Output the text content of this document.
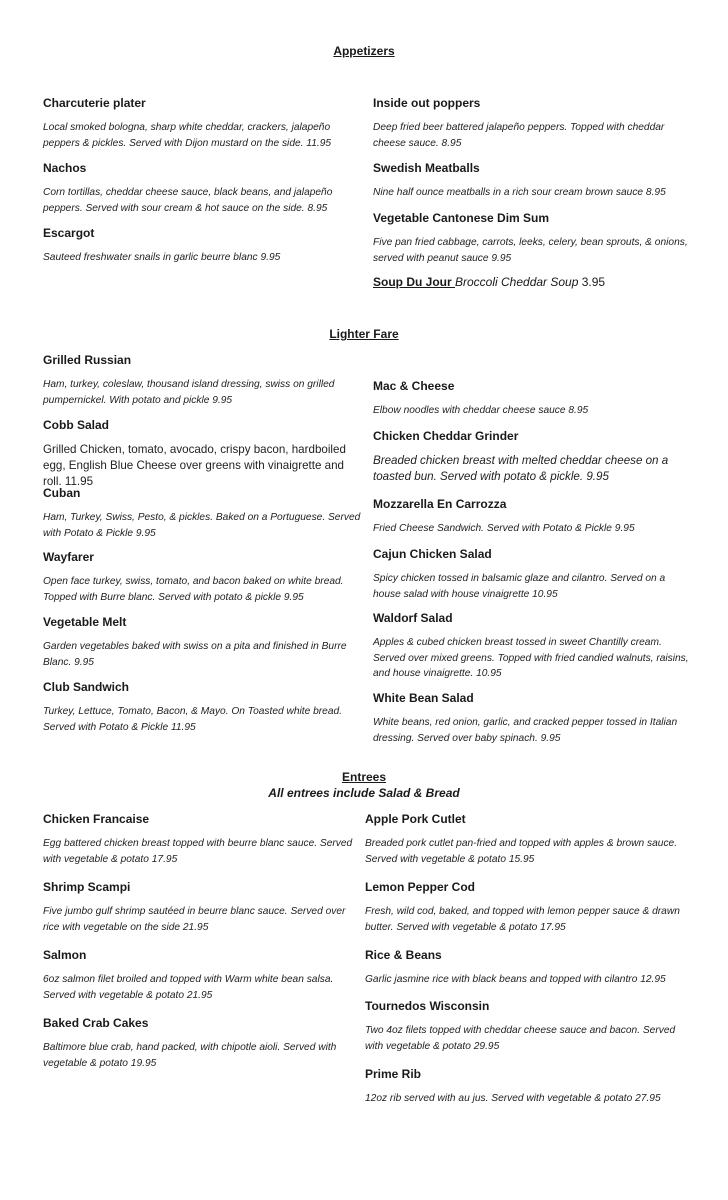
Appetizers
Charcuterie plater
Local smoked bologna, sharp white cheddar, crackers, jalapeño peppers & pickles. Served with Dijon mustard on the side. 11.95
Nachos
Corn tortillas, cheddar cheese sauce, black beans, and jalapeño peppers. Served with sour cream & hot sauce on the side. 8.95
Escargot
Sauteed freshwater snails in garlic beurre blanc 9.95
Inside out poppers
Deep fried beer battered jalapeño peppers. Topped with cheddar cheese sauce. 8.95
Swedish Meatballs
Nine half ounce meatballs in a rich sour cream brown sauce 8.95
Vegetable Cantonese Dim Sum
Five pan fried cabbage, carrots, leeks, celery, bean sprouts, & onions, served with peanut sauce 9.95
Soup Du Jour Broccoli Cheddar Soup 3.95
Lighter Fare
Grilled Russian
Ham, turkey, coleslaw, thousand island dressing, swiss on grilled pumpernickel. With potato and pickle 9.95
Cobb Salad
Grilled Chicken, tomato, avocado, crispy bacon, hardboiled egg, English Blue Cheese over greens with vinaigrette and roll. 11.95
Cuban
Ham, Turkey, Swiss, Pesto, & pickles. Baked on a Portuguese. Served with Potato & Pickle 9.95
Wayfarer
Open face turkey, swiss, tomato, and bacon baked on white bread. Topped with Burre blanc. Served with potato & pickle 9.95
Vegetable Melt
Garden vegetables baked with swiss on a pita and finished in Burre Blanc. 9.95
Club Sandwich
Turkey, Lettuce, Tomato, Bacon, & Mayo. On Toasted white bread. Served with Potato & Pickle 11.95
Mac & Cheese
Elbow noodles with cheddar cheese sauce 8.95
Chicken Cheddar Grinder
Breaded chicken breast with melted cheddar cheese on a toasted bun. Served with potato & pickle. 9.95
Mozzarella En Carrozza
Fried Cheese Sandwich. Served with Potato & Pickle 9.95
Cajun Chicken Salad
Spicy chicken tossed in balsamic glaze and cilantro. Served on a house salad with house vinaigrette 10.95
Waldorf Salad
Apples & cubed chicken breast tossed in sweet Chantilly cream. Served over mixed greens. Topped with fried candied walnuts, raisins, and house vinaigrette. 10.95
White Bean Salad
White beans, red onion, garlic, and cracked pepper tossed in Italian dressing. Served over baby spinach. 9.95
Entrees
All entrees include Salad & Bread
Chicken Francaise
Egg battered chicken breast topped with beurre blanc sauce. Served with vegetable & potato 17.95
Shrimp Scampi
Five jumbo gulf shrimp sautéed in beurre blanc sauce. Served over rice with vegetable on the side 21.95
Salmon
6oz salmon filet broiled and topped with Warm white bean salsa. Served with vegetable & potato 21.95
Baked Crab Cakes
Baltimore blue crab, hand packed, with chipotle aioli. Served with vegetable & potato 19.95
Apple Pork Cutlet
Breaded pork cutlet pan-fried and topped with apples & brown sauce. Served with vegetable & potato 15.95
Lemon Pepper Cod
Fresh, wild cod, baked, and topped with lemon pepper sauce & drawn butter. Served with vegetable & potato 17.95
Rice & Beans
Garlic jasmine rice with black beans and topped with cilantro 12.95
Tournedos Wisconsin
Two 4oz filets topped with cheddar cheese sauce and bacon. Served with vegetable & potato 29.95
Prime Rib
12oz rib served with au jus. Served with vegetable & potato 27.95
